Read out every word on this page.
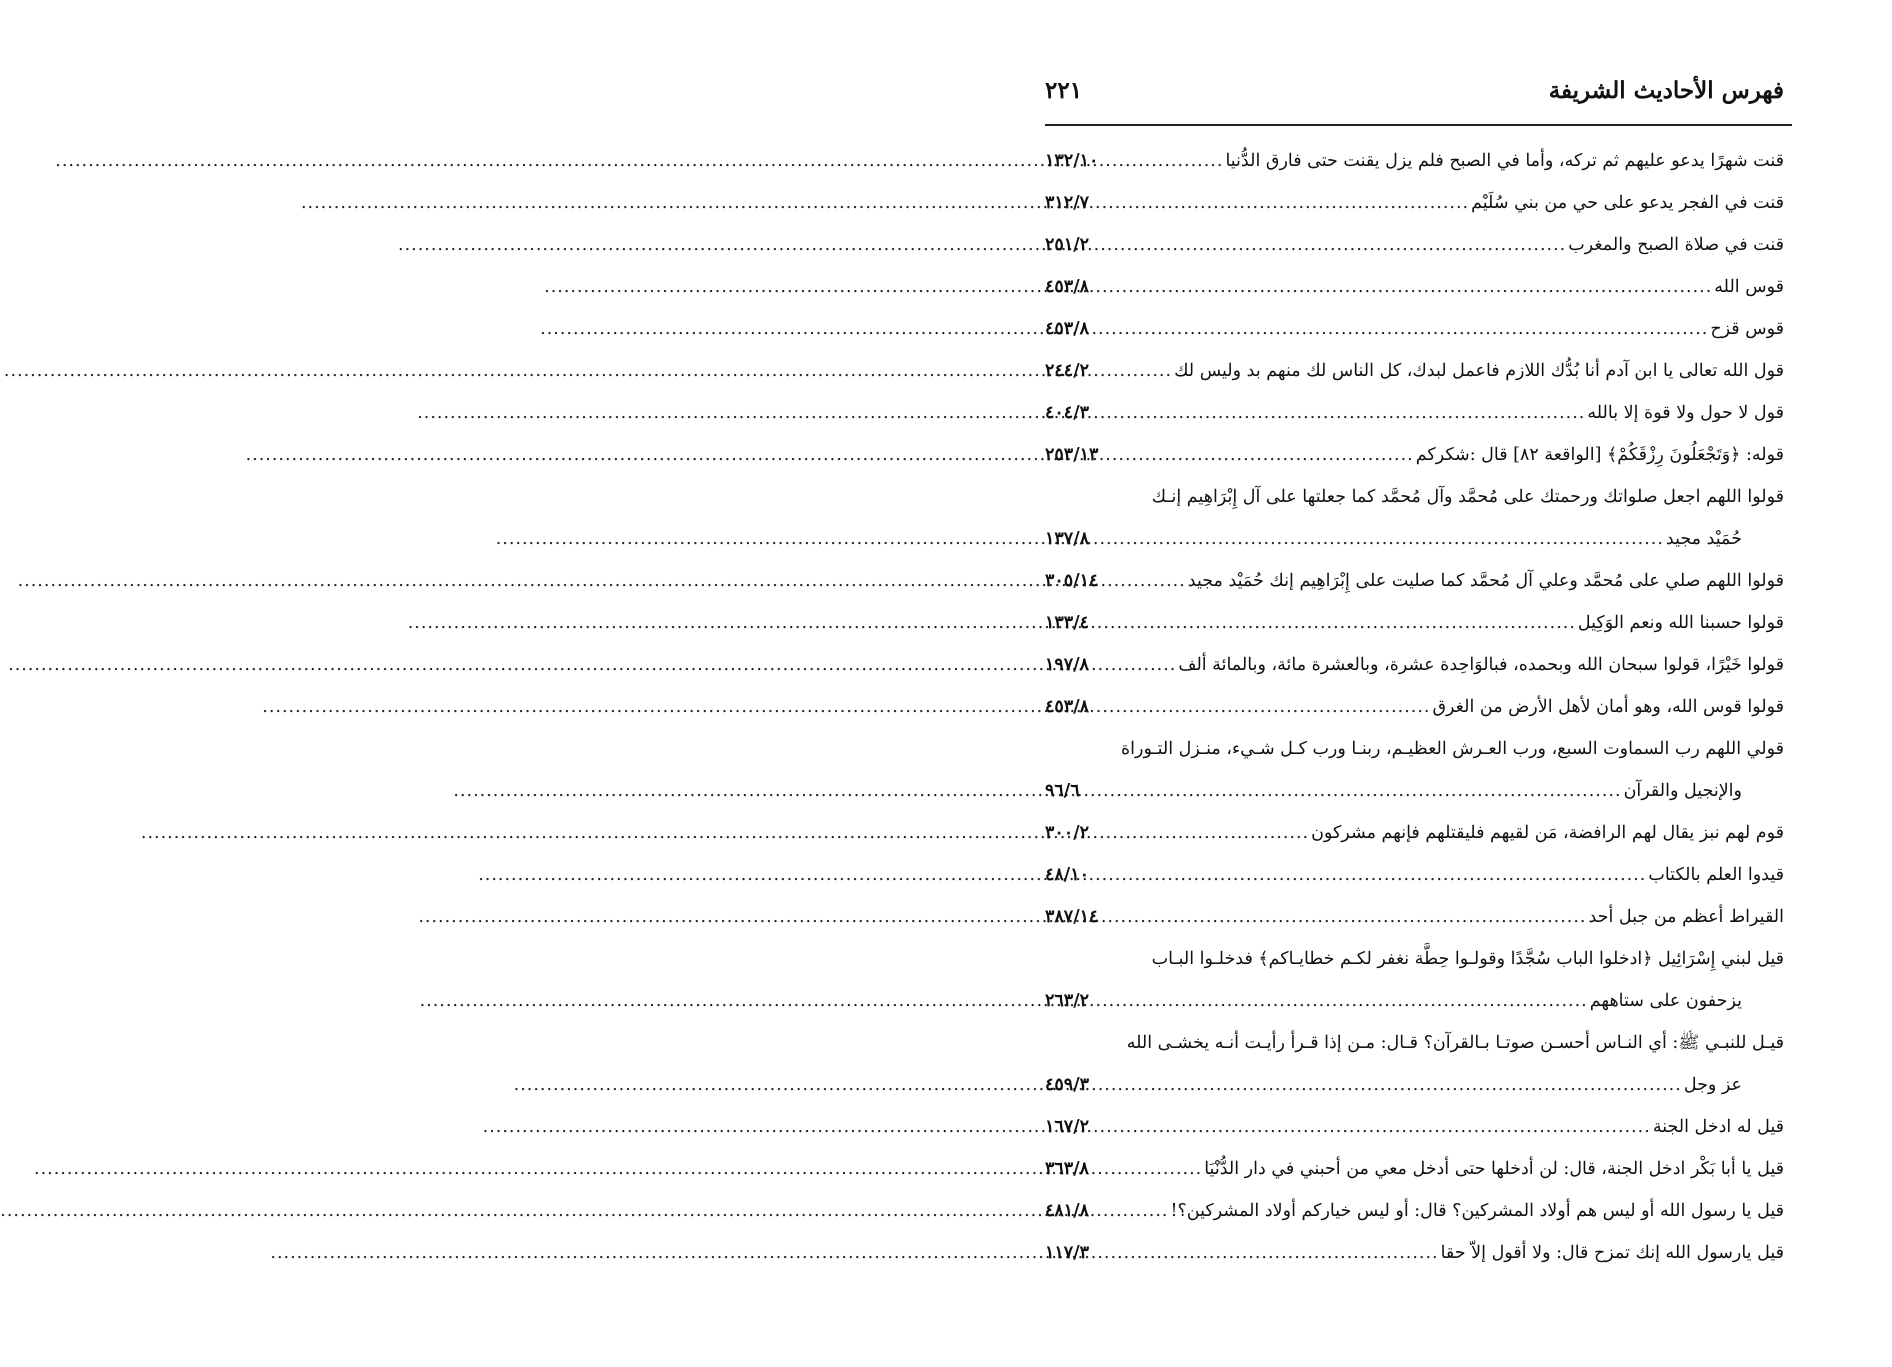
فهرس الأحاديث الشريفة
٢٢١
قنت شهرًا يدعو عليهم ثم تركه، وأما في الصبح فلم يزل يقنت حتى فارق الدُّنيا
.....
١٣٢/١٠
قنت في الفجر يدعو على حي من بني سُلَيْم
.....
٣١٢/٧
قنت في صلاة الصبح والمغرب
.....
٢٥١/٢
قوس الله
.....
٤٥٣/٨
قوس قزح
.....
٤٥٣/٨
قول الله تعالى يا ابن آدم أنا بُدُّك اللازم فاعمل لبدك، كل الناس لك منهم بد وليس لك
.....
٢٤٤/٢
قول لا حول ولا قوة إلا بالله
.....
٤٠٤/٣
قوله: ﴿وَتَجْعَلُونَ رِزْقَكُمْ﴾ [الواقعة ٨٢] قال :شكركم
.....
٢٥٣/١٣
قولوا اللهم اجعل صلواتك ورحمتك على مُحمَّد وآل مُحمَّد كما جعلتها على آل إِبْرَاهِيم إنـك
حُمَيْد مجيد
.....
١٣٧/٨
قولوا اللهم صلي على مُحمَّد وعلي آل مُحمَّد كما صليت على إِبْرَاهِيم إنك حُمَيْد مجيد
.....
٣٠٥/١٤
قولوا حسبنا الله ونعم الوَكِيل
.....
١٣٣/٤
قولوا خَيْرًا، قولوا سبحان الله وبحمده، فبالوَاحِدة عشرة، وبالعشرة مائة، وبالمائة ألف
.....
١٩٧/٨
قولوا قوس الله، وهو أمان لأهل الأرض من الغرق
.....
٤٥٣/٨
قولي اللهم رب السماوت السبع، ورب العـرش العظيـم، ربنـا ورب كـل شـيء، منـزل التـوراة
والإنجيل والقرآن
.....
٩٦/٦
قوم لهم نبز يقال لهم الرافضة، مَن لقيهم فليقتلهم فإنهم مشركون
.....
٣٠٠/٢
قيدوا العلم بالكتاب
.....
٤٨/١٠
القيراط أعظم من جبل أحد
.....
٣٨٧/١٤
قيل لبني إِسْرَائِيل ﴿ادخلوا الباب سُجَّدًا وقولـوا حِطَّة نغفر لكـم خطايـاكم﴾ فدخلـوا البـاب
يزحفون على ستاههم
.....
٢٦٣/٢
قيـل للنبـي ﷺ: أي النـاس أحسـن صوتـا بـالقرآن؟ قـال: مـن إذا قـرأ رأيـت أنـه يخشـى الله
عز وجل
.....
٤٥٩/٣
قيل له ادخل الجنة
.....
١٦٧/٢
قيل يا أبا بَكْر ادخل الجنة، قال: لن أدخلها حتى أدخل معي من أحبني في دار الدُّنْيَا
.....
٣٦٣/٨
قيل يا رسول الله أو ليس هم أولاد المشركين؟ قال: أو ليس خياركم أولاد المشركين؟!
.....
٤٨١/٨
قيل يارسول الله إنك تمزح قال: ولا أقول إلاّ حقا
.....
١١٧/٣
